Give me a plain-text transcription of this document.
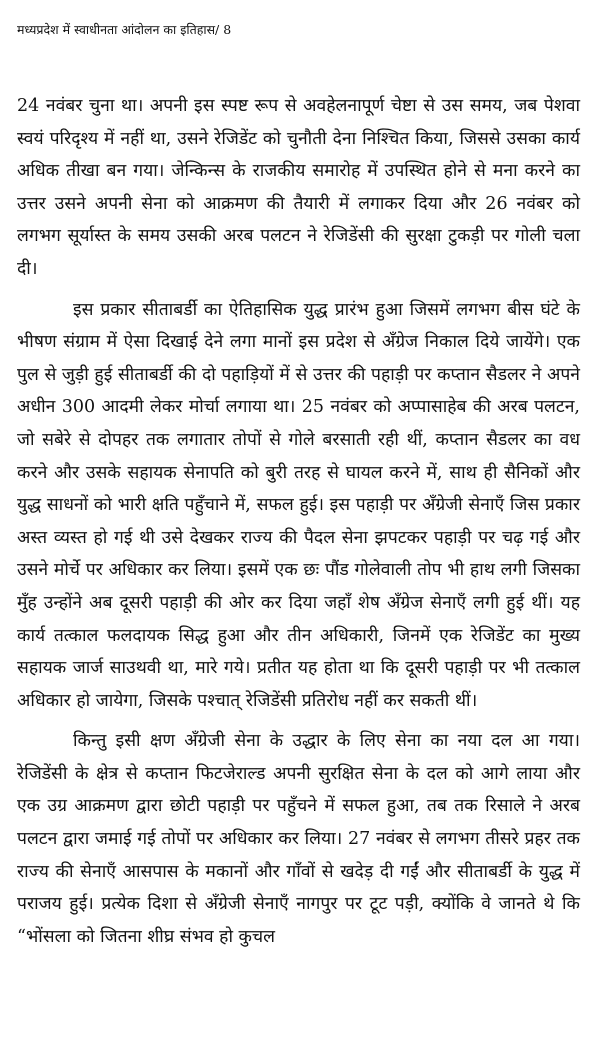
मध्यप्रदेश में स्वाधीनता आंदोलन का इतिहास/ 8

24 नवंबर चुना था। अपनी इस स्पष्ट रूप से अवहेलनापूर्ण चेष्टा से उस समय, जब पेशवा स्वयं परिदृश्य में नहीं था, उसने रेजिडेंट को चुनौती देना निश्चित किया, जिससे उसका कार्य अधिक तीखा बन गया। जेन्किन्स के राजकीय समारोह में उपस्थित होने से मना करने का उत्तर उसने अपनी सेना को आक्रमण की तैयारी में लगाकर दिया और 26 नवंबर को लगभग सूर्यास्त के समय उसकी अरब पलटन ने रेजिडेंसी की सुरक्षा टुकड़ी पर गोली चला दी।

इस प्रकार सीताबर्डी का ऐतिहासिक युद्ध प्रारंभ हुआ जिसमें लगभग बीस घंटे के भीषण संग्राम में ऐसा दिखाई देने लगा मानों इस प्रदेश से अँग्रेज निकाल दिये जायेंगे। एक पुल से जुड़ी हुई सीताबर्डी की दो पहाड़ियों में से उत्तर की पहाड़ी पर कप्तान सैडलर ने अपने अधीन 300 आदमी लेकर मोर्चा लगाया था। 25 नवंबर को अप्पासाहेब की अरब पलटन, जो सबेरे से दोपहर तक लगातार तोपों से गोले बरसाती रही थीं, कप्तान सैडलर का वध करने और उसके सहायक सेनापति को बुरी तरह से घायल करने में, साथ ही सैनिकों और युद्ध साधनों को भारी क्षति पहुँचाने में, सफल हुई। इस पहाड़ी पर अँग्रेजी सेनाएँ जिस प्रकार अस्त व्यस्त हो गई थी उसे देखकर राज्य की पैदल सेना झपटकर पहाड़ी पर चढ़ गई और उसने मोर्चे पर अधिकार कर लिया। इसमें एक छः पौंड गोलेवाली तोप भी हाथ लगी जिसका मुँह उन्होंने अब दूसरी पहाड़ी की ओर कर दिया जहाँ शेष अँग्रेज सेनाएँ लगी हुई थीं। यह कार्य तत्काल फलदायक सिद्ध हुआ और तीन अधिकारी, जिनमें एक रेजिडेंट का मुख्य सहायक जार्ज साउथवी था, मारे गये। प्रतीत यह होता था कि दूसरी पहाड़ी पर भी तत्काल अधिकार हो जायेगा, जिसके पश्चात् रेजिडेंसी प्रतिरोध नहीं कर सकती थीं।

किन्तु इसी क्षण अँग्रेजी सेना के उद्धार के लिए सेना का नया दल आ गया। रेजिडेंसी के क्षेत्र से कप्तान फिटजेराल्ड अपनी सुरक्षित सेना के दल को आगे लाया और एक उग्र आक्रमण द्वारा छोटी पहाड़ी पर पहुँचने में सफल हुआ, तब तक रिसाले ने अरब पलटन द्वारा जमाई गई तोपों पर अधिकार कर लिया। 27 नवंबर से लगभग तीसरे प्रहर तक राज्य की सेनाएँ आसपास के मकानों और गाँवों से खदेड़ दी गईं और सीताबर्डी के युद्ध में पराजय हुई। प्रत्येक दिशा से अँग्रेजी सेनाएँ नागपुर पर टूट पड़ी, क्योंकि वे जानते थे कि “भोंसला को जितना शीघ्र संभव हो कुचल
